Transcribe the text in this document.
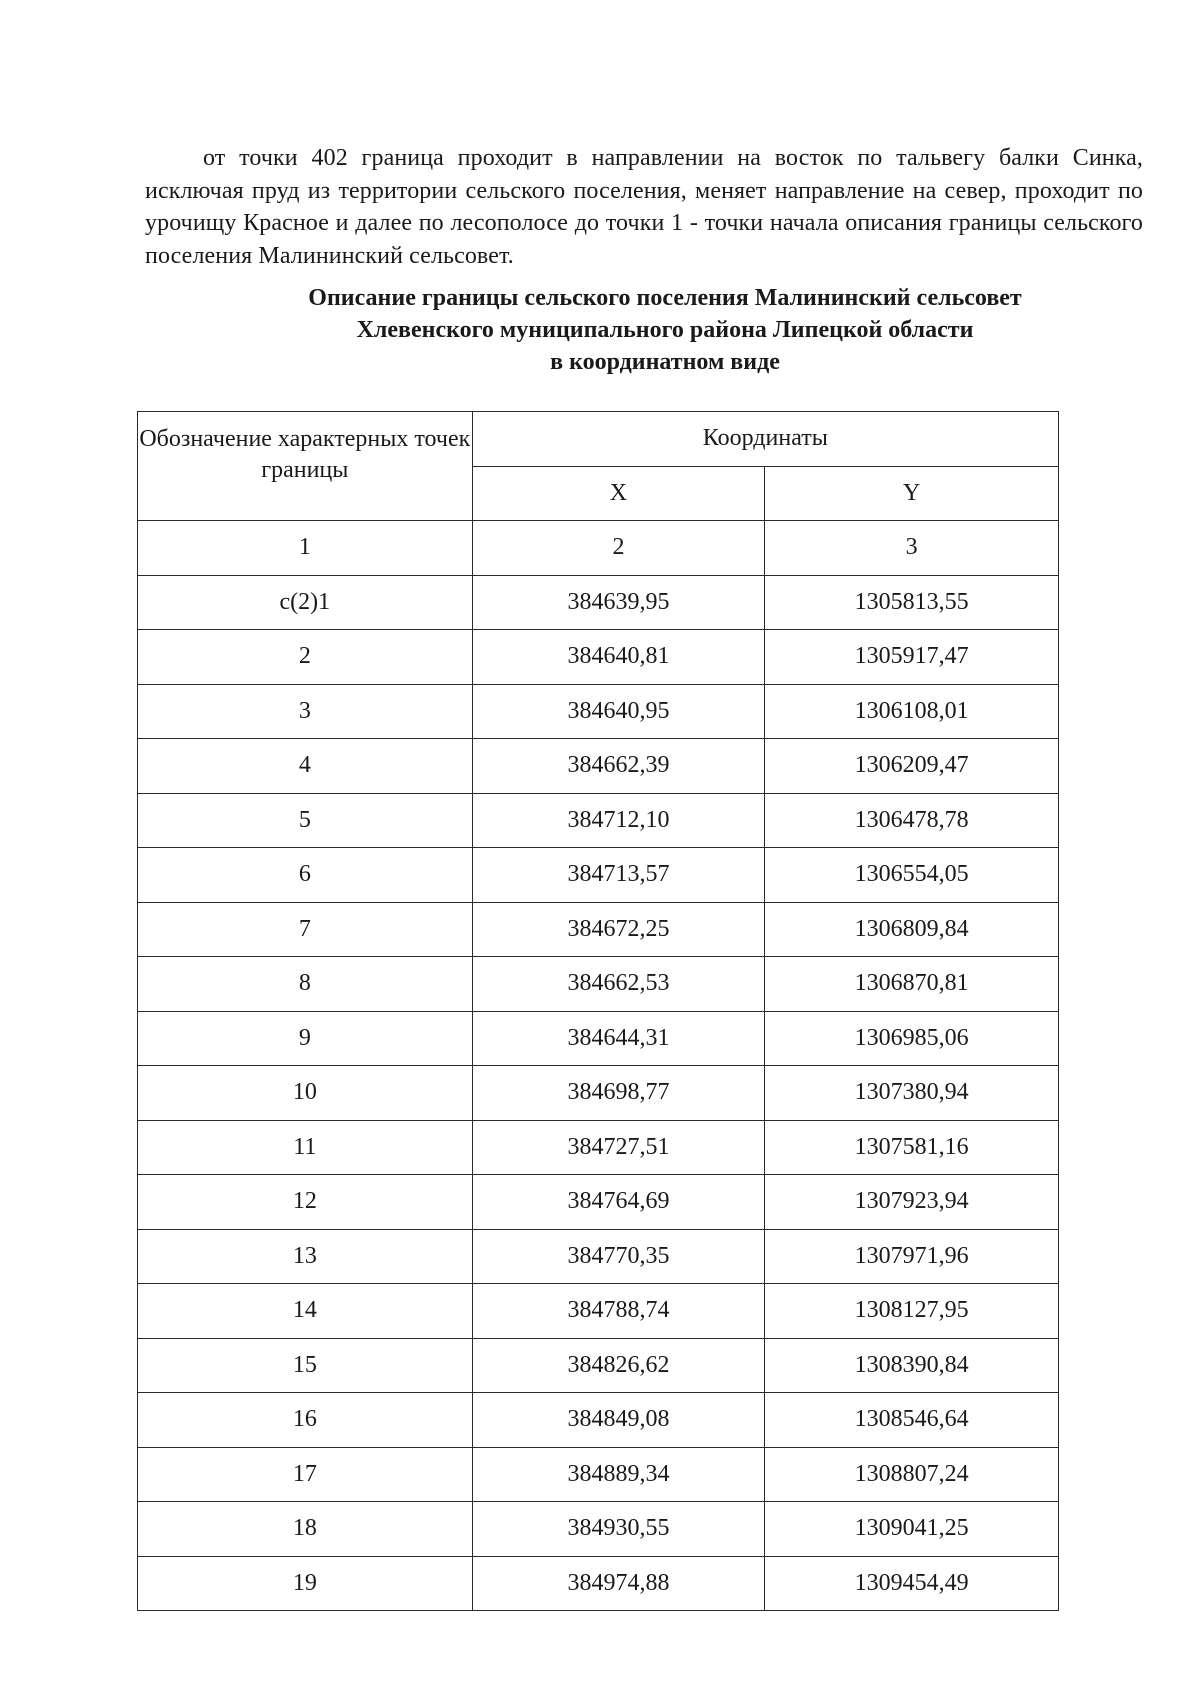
от точки 402 граница проходит в направлении на восток по тальвегу балки Синка, исключая пруд из территории сельского поселения, меняет направление на север, проходит по урочищу Красное и далее по лесополосе до точки 1 - точки начала описания границы сельского поселения Малининский сельсовет.

Описание границы сельского поселения Малининский сельсовет
Хлевенского муниципального района Липецкой области
в координатном виде
Обозначение характерных точек границы	Координаты	
	X	Y
1	2	3
с(2)1	384639,95	1305813,55
2	384640,81	1305917,47
3	384640,95	1306108,01
4	384662,39	1306209,47
5	384712,10	1306478,78
6	384713,57	1306554,05
7	384672,25	1306809,84
8	384662,53	1306870,81
9	384644,31	1306985,06
10	384698,77	1307380,94
11	384727,51	1307581,16
12	384764,69	1307923,94
13	384770,35	1307971,96
14	384788,74	1308127,95
15	384826,62	1308390,84
16	384849,08	1308546,64
17	384889,34	1308807,24
18	384930,55	1309041,25
19	384974,88	1309454,49
